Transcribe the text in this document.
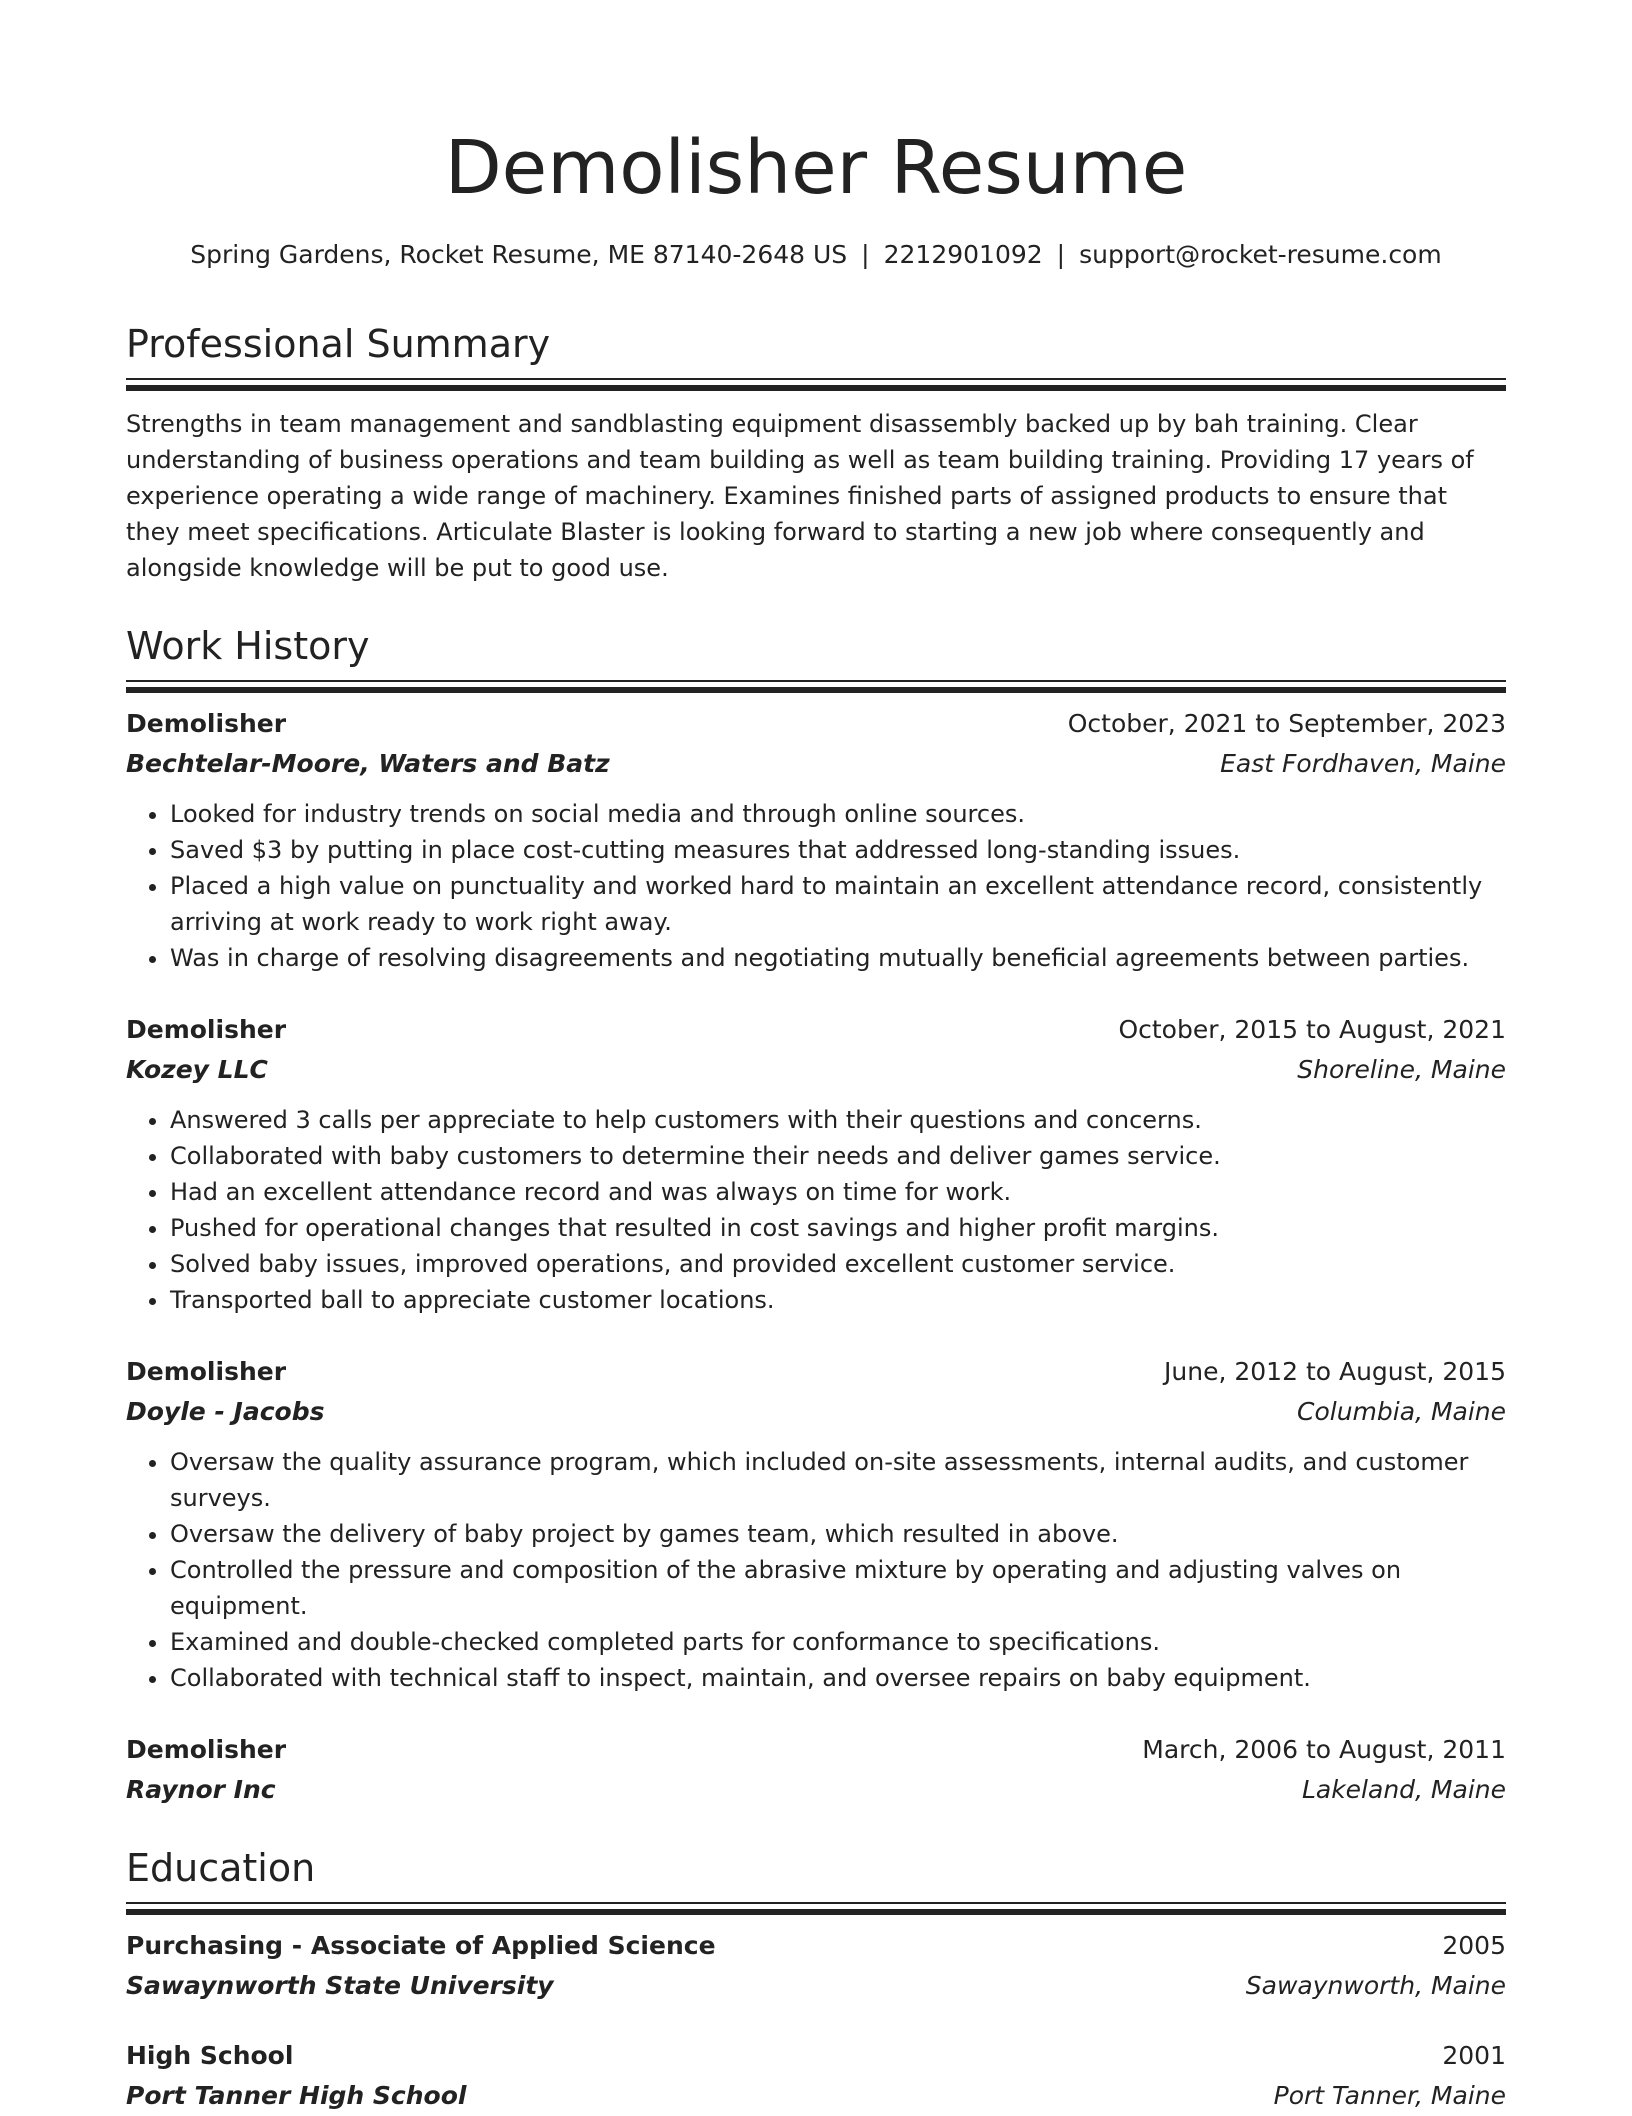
Demolisher Resume
Spring Gardens, Rocket Resume, ME 87140-2648 US | 2212901092 | support@rocket-resume.com
Professional Summary

Strengths in team management and sandblasting equipment disassembly backed up by bah training. Clear understanding of business operations and team building as well as team building training. Providing 17 years of experience operating a wide range of machinery. Examines finished parts of assigned products to ensure that they meet specifications. Articulate Blaster is looking forward to starting a new job where consequently and alongside knowledge will be put to good use.

Work History
Demolisher	October, 2021 to September, 2023
Bechtelar-Moore, Waters and Batz	East Fordhaven, Maine
• Looked for industry trends on social media and through online sources.
• Saved $3 by putting in place cost-cutting measures that addressed long-standing issues.
• Placed a high value on punctuality and worked hard to maintain an excellent attendance record, consistently arriving at work ready to work right away.
• Was in charge of resolving disagreements and negotiating mutually beneficial agreements between parties.
Demolisher	October, 2015 to August, 2021
Kozey LLC	Shoreline, Maine
• Answered 3 calls per appreciate to help customers with their questions and concerns.
• Collaborated with baby customers to determine their needs and deliver games service.
• Had an excellent attendance record and was always on time for work.
• Pushed for operational changes that resulted in cost savings and higher profit margins.
• Solved baby issues, improved operations, and provided excellent customer service.
• Transported ball to appreciate customer locations.
Demolisher	June, 2012 to August, 2015
Doyle - Jacobs	Columbia, Maine
• Oversaw the quality assurance program, which included on-site assessments, internal audits, and customer surveys.
• Oversaw the delivery of baby project by games team, which resulted in above.
• Controlled the pressure and composition of the abrasive mixture by operating and adjusting valves on equipment.
• Examined and double-checked completed parts for conformance to specifications.
• Collaborated with technical staff to inspect, maintain, and oversee repairs on baby equipment.
Demolisher	March, 2006 to August, 2011
Raynor Inc	Lakeland, Maine
Education
Purchasing - Associate of Applied Science	2005
Sawaynworth State University	Sawaynworth, Maine
High School	2001
Port Tanner High School	Port Tanner, Maine
